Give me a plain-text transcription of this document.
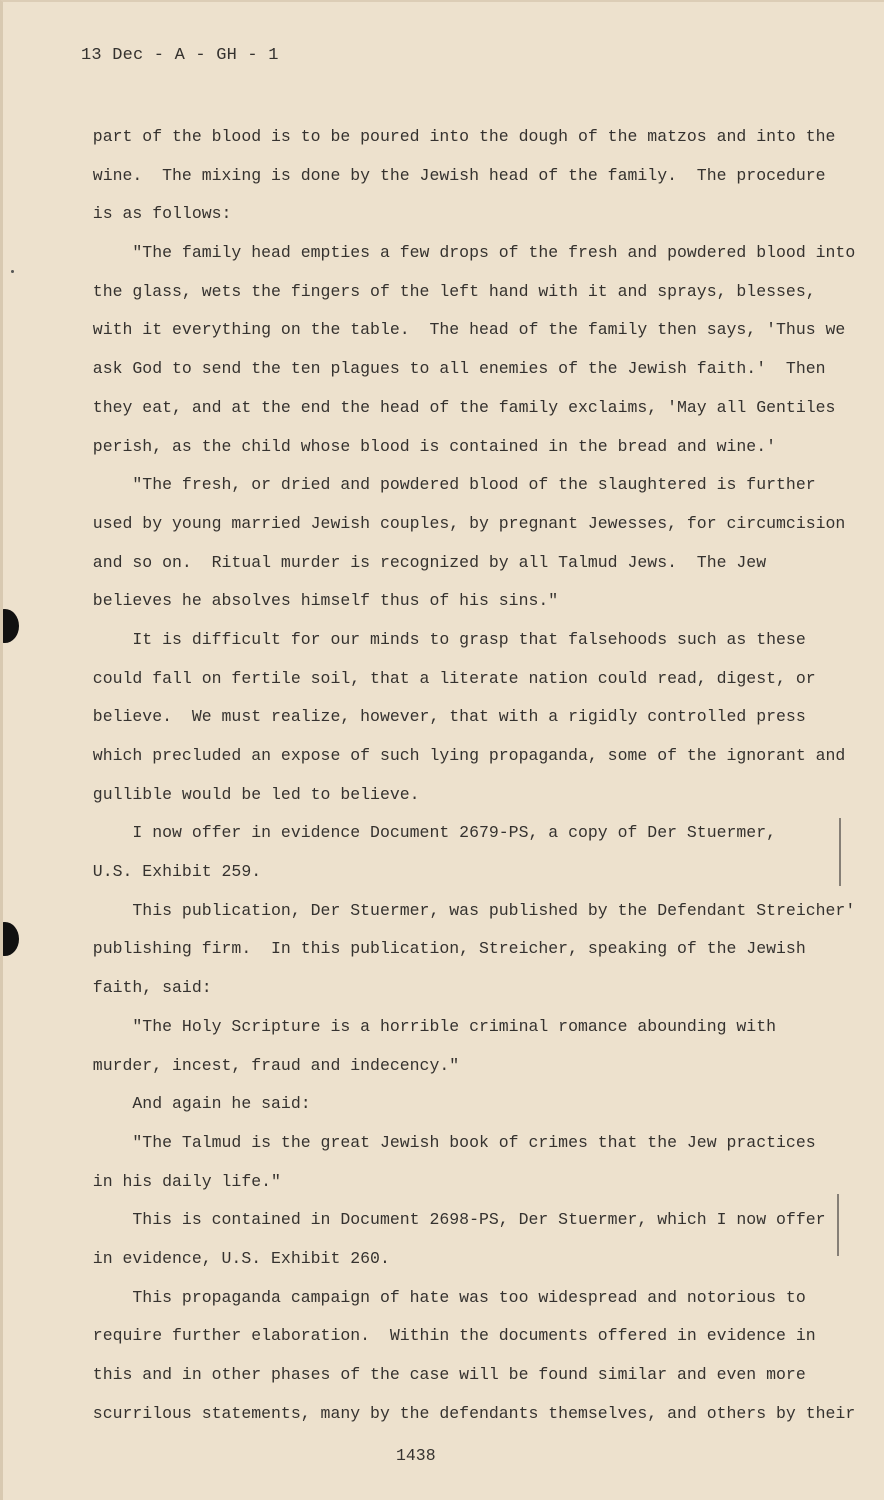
13 Dec - A - GH - 1
part of the blood is to be poured into the dough of the matzos and into the
wine.  The mixing is done by the Jewish head of the family.  The procedure
is as follows:
"The family head empties a few drops of the fresh and powdered blood into
the glass, wets the fingers of the left hand with it and sprays, blesses,
with it everything on the table.  The head of the family then says, 'Thus we
ask God to send the ten plagues to all enemies of the Jewish faith.'  Then
they eat, and at the end the head of the family exclaims, 'May all Gentiles
perish, as the child whose blood is contained in the bread and wine.'
"The fresh, or dried and powdered blood of the slaughtered is further
used by young married Jewish couples, by pregnant Jewesses, for circumcision
and so on.  Ritual murder is recognized by all Talmud Jews.  The Jew
believes he absolves himself thus of his sins."
It is difficult for our minds to grasp that falsehoods such as these
could fall on fertile soil, that a literate nation could read, digest, or
believe.  We must realize, however, that with a rigidly controlled press
which precluded an expose of such lying propaganda, some of the ignorant and
gullible would be led to believe.
I now offer in evidence Document 2679-PS, a copy of Der Stuermer,
U.S. Exhibit 259.
This publication, Der Stuermer, was published by the Defendant Streicher'
publishing firm.  In this publication, Streicher, speaking of the Jewish
faith, said:
"The Holy Scripture is a horrible criminal romance abounding with
murder, incest, fraud and indecency."
And again he said:
"The Talmud is the great Jewish book of crimes that the Jew practices
in his daily life."
This is contained in Document 2698-PS, Der Stuermer, which I now offer
in evidence, U.S. Exhibit 260.
This propaganda campaign of hate was too widespread and notorious to
require further elaboration.  Within the documents offered in evidence in
this and in other phases of the case will be found similar and even more
scurrilous statements, many by the defendants themselves, and others by their
1438
